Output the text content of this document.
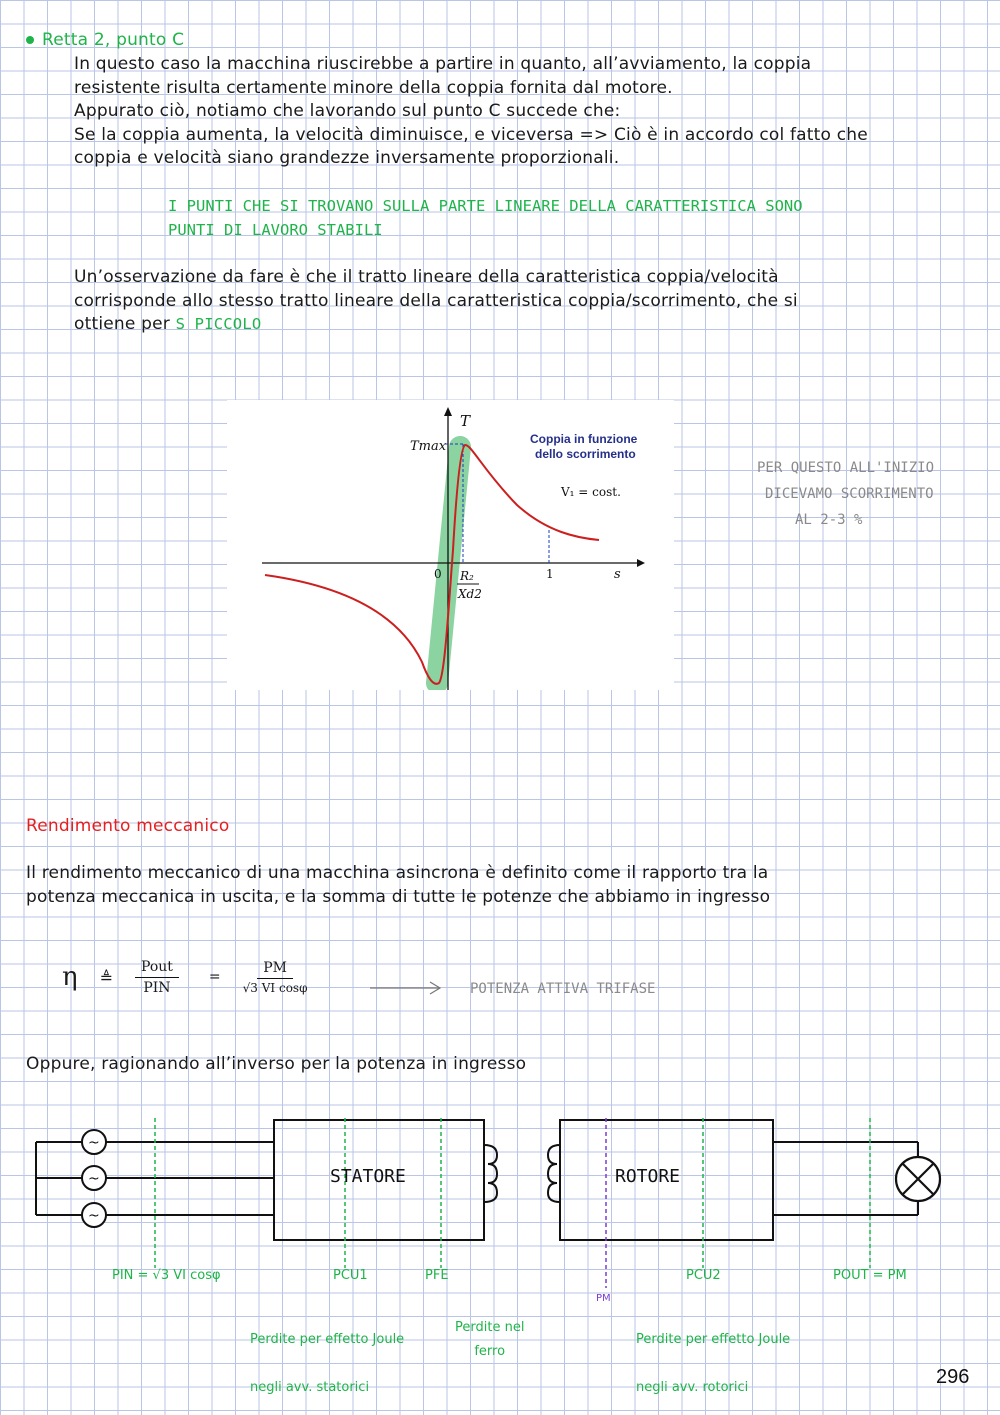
Retta 2, punto C
In questo caso la macchina riuscirebbe a partire in quanto, all’avviamento, la coppia
resistente risulta certamente minore della coppia fornita dal motore.
Appurato ciò, notiamo che lavorando sul punto C succede che:
Se la coppia aumenta, la velocità diminuisce, e viceversa => Ciò è in accordo col fatto che
coppia e velocità siano grandezze inversamente proporzionali.
I PUNTI CHE SI TROVANO SULLA PARTE LINEARE DELLA CARATTERISTICA SONO
PUNTI DI LAVORO STABILI
Un’osservazione da fare è che il tratto lineare della caratteristica coppia/velocità
corrisponde allo stesso tratto lineare della caratteristica coppia/scorrimento, che si
ottiene per S PICCOLO
T
Tmax	Coppia in funzione
dello scorrimento
V₁ = cost.
0 R₂
Xd2
1	s
PER QUESTO ALL'INIZIO
DICEVAMO SCORRIMENTO
AL 2-3 %
Rendimento meccanico
Il rendimento meccanico di una macchina asincrona è definito come il rapporto tra la
potenza meccanica in uscita, e la somma di tutte le potenze che abbiamo in ingresso
η ≜ $\frac{\text{Pout}}{\text{PIN}} = \frac{PM}{\text{√3 VI cosφ}}$	POTENZA ATTIVA TRIFASE
Oppure, ragionando all’inverso per la potenza in ingresso
~
~
~
STATORE	ROTORE
PIN = √3 VI cosφ	PCU1	PFE
PM
PCU2	POUT = PM
Perdite per effetto Joule
negli avv. statorici
Perdite nel
ferro
Perdite per effetto Joule
negli avv. rotorici	296
